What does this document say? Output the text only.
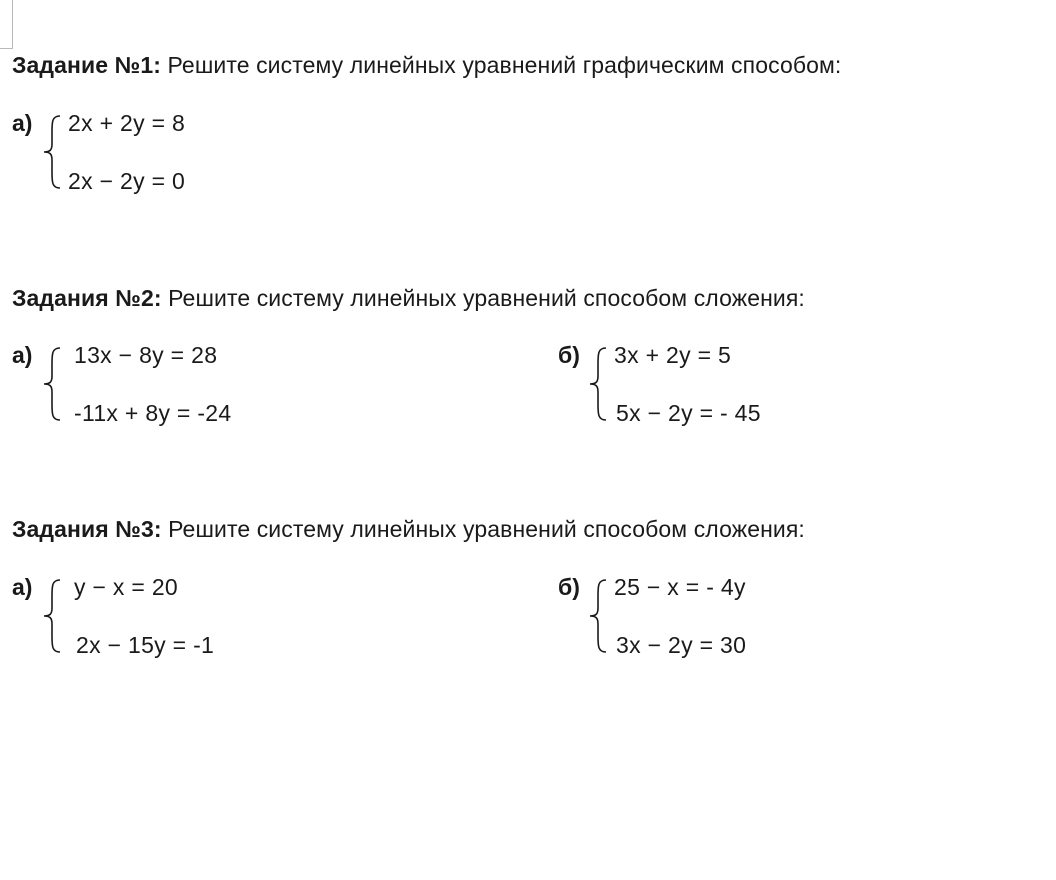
Задание №1: Решите систему линейных уравнений графическим способом:
а) 2x + 2y = 8
2x − 2y = 0
Задания №2: Решите систему линейных уравнений способом сложения:
а) 13x − 8y = 28
-11x + 8y = -24
б) 3x + 2y = 5
5x − 2y = - 45
Задания №3: Решите систему линейных уравнений способом сложения:
а) y − x = 20
2x − 15y = -1
б) 25 − x = - 4y
3x − 2y = 30
